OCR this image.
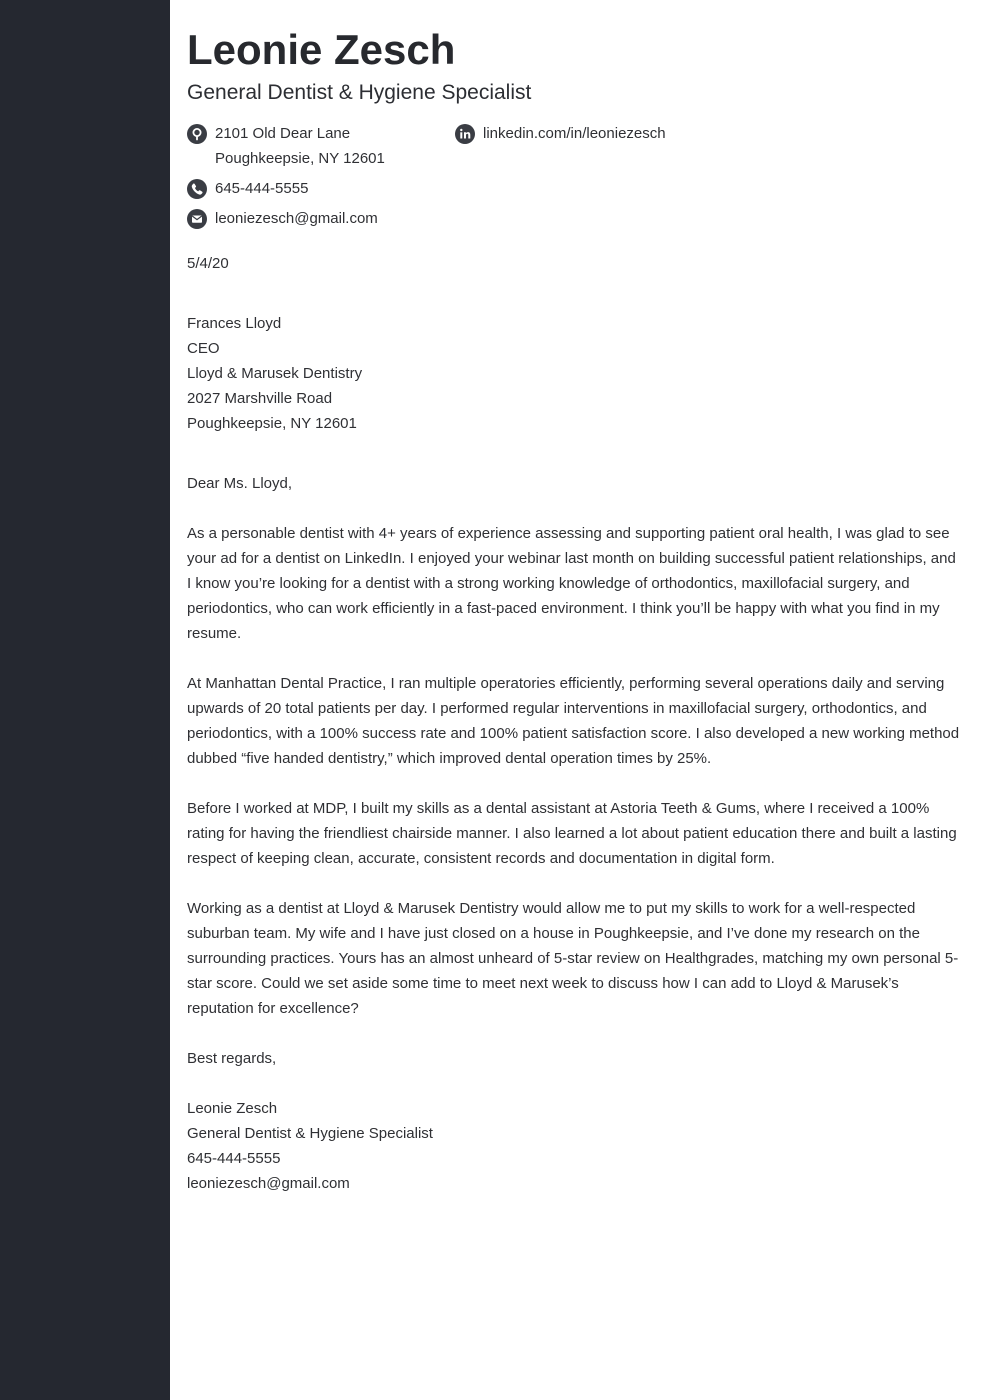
Leonie Zesch
General Dentist & Hygiene Specialist
2101 Old Dear Lane
Poughkeepsie, NY 12601
linkedin.com/in/leoniezesch
645-444-5555
leoniezesch@gmail.com

5/4/20

Frances Lloyd

CEO

Lloyd & Marusek Dentistry

2027 Marshville Road

Poughkeepsie, NY 12601

Dear Ms. Lloyd,

As a personable dentist with 4+ years of experience assessing and supporting patient oral health, I was glad to see your ad for a dentist on LinkedIn. I enjoyed your webinar last month on building successful patient relationships, and I know you’re looking for a dentist with a strong working knowledge of orthodontics, maxillofacial surgery, and periodontics, who can work efficiently in a fast-paced environment. I think you’ll be happy with what you find in my resume.

At Manhattan Dental Practice, I ran multiple operatories efficiently, performing several operations daily and serving upwards of 20 total patients per day. I performed regular interventions in maxillofacial surgery, orthodontics, and periodontics, with a 100% success rate and 100% patient satisfaction score. I also developed a new working method dubbed “five handed dentistry,” which improved dental operation times by 25%.

Before I worked at MDP, I built my skills as a dental assistant at Astoria Teeth & Gums, where I received a 100% rating for having the friendliest chairside manner. I also learned a lot about patient education there and built a lasting respect of keeping clean, accurate, consistent records and documentation in digital form.

Working as a dentist at Lloyd & Marusek Dentistry would allow me to put my skills to work for a well-respected suburban team. My wife and I have just closed on a house in Poughkeepsie, and I’ve done my research on the surrounding practices. Yours has an almost unheard of 5-star review on Healthgrades, matching my own personal 5-star score. Could we set aside some time to meet next week to discuss how I can add to Lloyd & Marusek’s reputation for excellence?

Best regards,

Leonie Zesch

General Dentist & Hygiene Specialist

645-444-5555

leoniezesch@gmail.com
